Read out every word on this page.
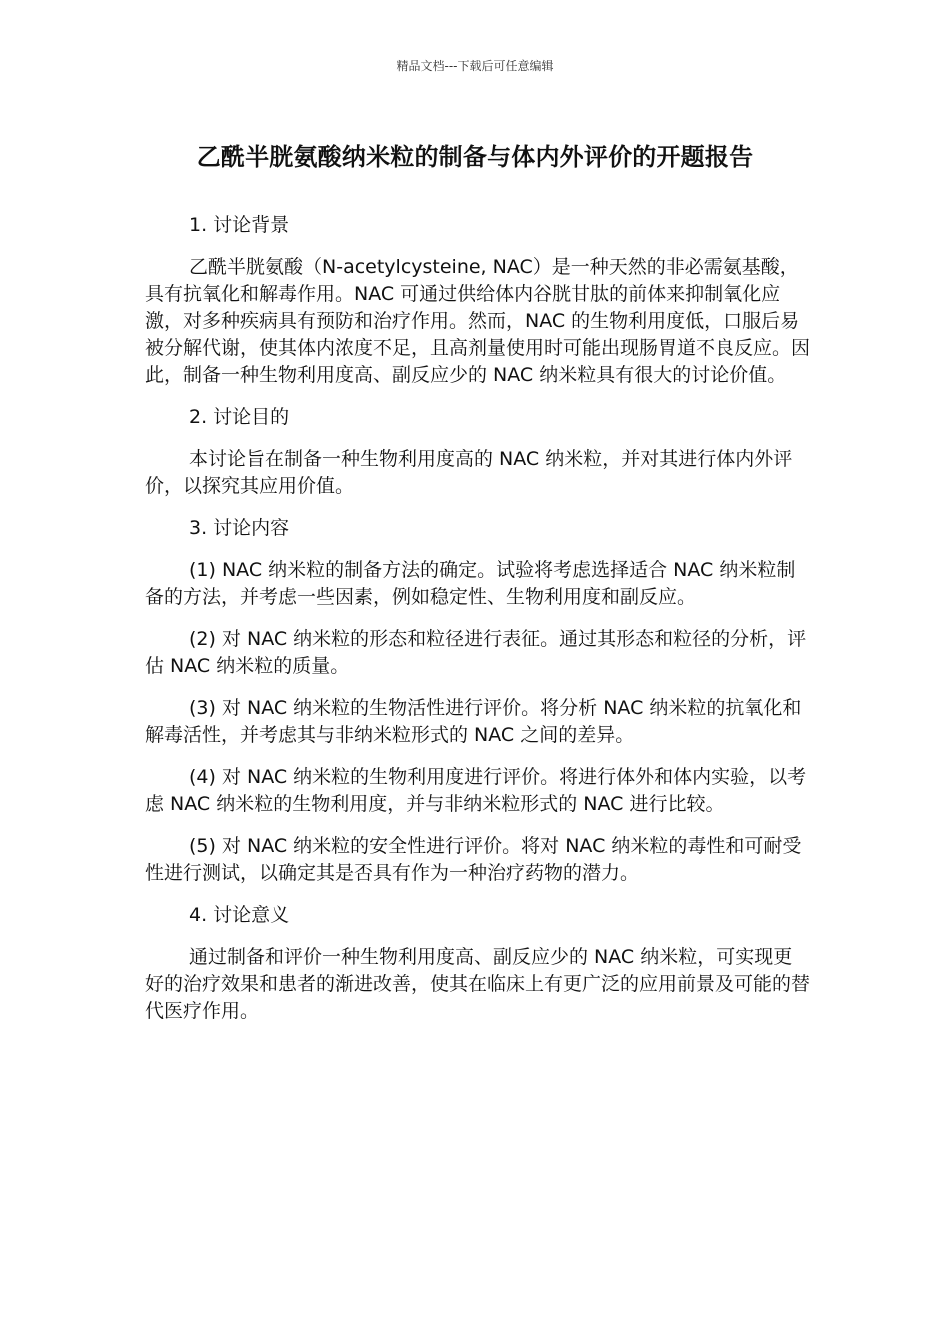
精品文档---下载后可任意编辑
乙酰半胱氨酸纳米粒的制备与体内外评价的开题报告

1. 讨论背景

乙酰半胱氨酸（N-acetylcysteine, NAC）是一种天然的非必需氨基酸，具有抗氧化和解毒作用。NAC 可通过供给体内谷胱甘肽的前体来抑制氧化应激，对多种疾病具有预防和治疗作用。然而，NAC 的生物利用度低，口服后易被分解代谢，使其体内浓度不足，且高剂量使用时可能出现肠胃道不良反应。因此，制备一种生物利用度高、副反应少的 NAC 纳米粒具有很大的讨论价值。

2. 讨论目的

本讨论旨在制备一种生物利用度高的 NAC 纳米粒，并对其进行体内外评价，以探究其应用价值。

3. 讨论内容

(1) NAC 纳米粒的制备方法的确定。试验将考虑选择适合 NAC 纳米粒制备的方法，并考虑一些因素，例如稳定性、生物利用度和副反应。

(2) 对 NAC 纳米粒的形态和粒径进行表征。通过其形态和粒径的分析，评估 NAC 纳米粒的质量。

(3) 对 NAC 纳米粒的生物活性进行评价。将分析 NAC 纳米粒的抗氧化和解毒活性，并考虑其与非纳米粒形式的 NAC 之间的差异。

(4) 对 NAC 纳米粒的生物利用度进行评价。将进行体外和体内实验，以考虑 NAC 纳米粒的生物利用度，并与非纳米粒形式的 NAC 进行比较。

(5) 对 NAC 纳米粒的安全性进行评价。将对 NAC 纳米粒的毒性和可耐受性进行测试，以确定其是否具有作为一种治疗药物的潜力。

4. 讨论意义

通过制备和评价一种生物利用度高、副反应少的 NAC 纳米粒，可实现更好的治疗效果和患者的渐进改善，使其在临床上有更广泛的应用前景及可能的替代医疗作用。
